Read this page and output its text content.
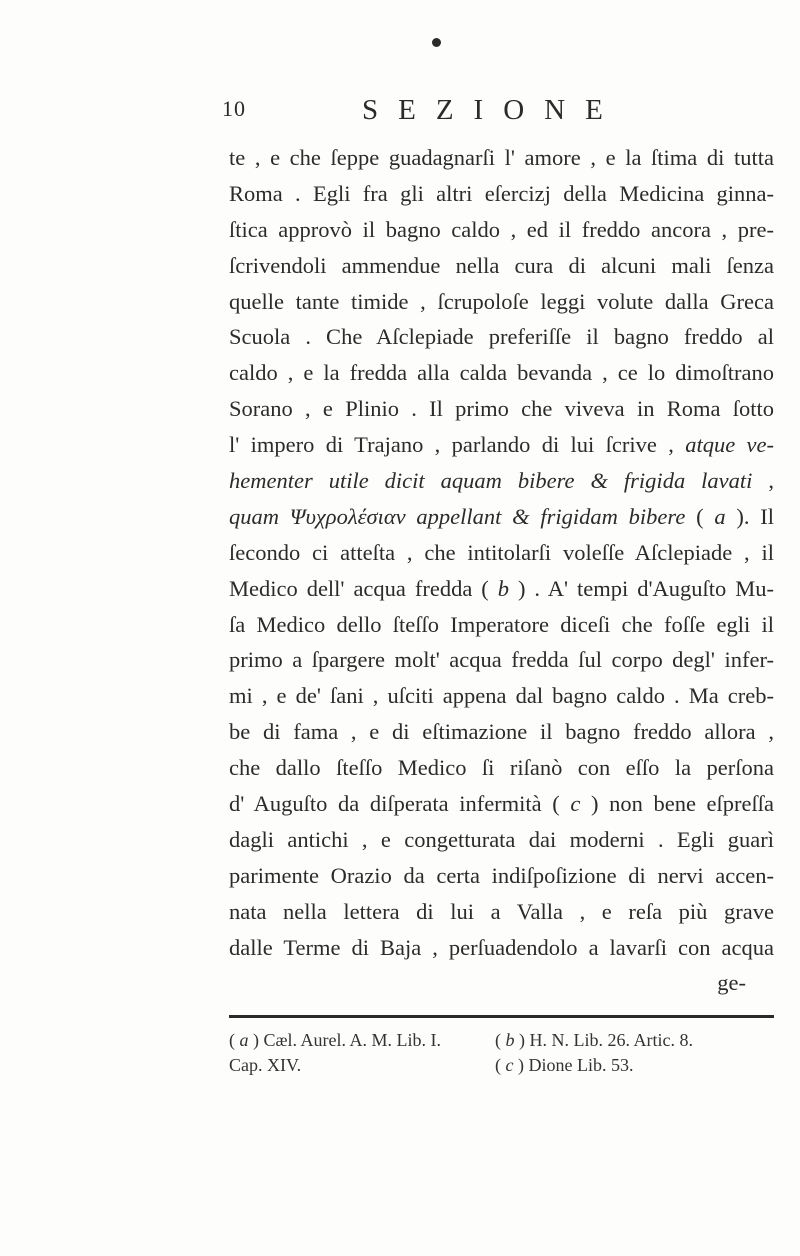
10	SEZIONE
te , e che ſeppe guadagnarſi l' amore , e la ſtima di tutta
Roma . Egli fra gli altri eſercizj della Medicina ginna-
ſtica approvò il bagno caldo , ed il freddo ancora , pre-
ſcrivendoli ammendue nella cura di alcuni mali ſenza
quelle tante timide , ſcrupoloſe leggi volute dalla Greca
Scuola . Che Aſclepiade preferiſſe il bagno freddo al
caldo , e la fredda alla calda bevanda , ce lo dimoſtrano
Sorano , e Plinio . Il primo che viveva in Roma ſotto
l' impero di Trajano , parlando di lui ſcrive , atque ve-
hementer utile dicit aquam bibere & frigida lavati ,
quam Ψυχρολέσιαν appellant & frigidam bibere ( a ). Il
ſecondo ci atteſta , che intitolarſi voleſſe Aſclepiade , il
Medico dell' acqua fredda ( b ) . A' tempi d'Auguſto Mu-
ſa Medico dello ſteſſo Imperatore diceſi che foſſe egli il
primo a ſpargere molt' acqua fredda ſul corpo degl' infer-
mi , e de' ſani , uſciti appena dal bagno caldo . Ma creb-
be di fama , e di eſtimazione il bagno freddo allora ,
che dallo ſteſſo Medico ſi riſanò con eſſo la perſona
d' Auguſto da diſperata infermità ( c ) non bene eſpreſſa
dagli antichi , e congetturata dai moderni . Egli guarì
parimente Orazio da certa indiſpoſizione di nervi accen-
nata nella lettera di lui a Valla , e reſa più grave
dalle Terme di Baja , perſuadendolo a lavarſi con acqua
ge-
( a ) Cæl. Aurel. A. M. Lib. I.
Cap. XIV.
( b ) H. N. Lib. 26. Artic. 8.
( c ) Dione Lib. 53.
